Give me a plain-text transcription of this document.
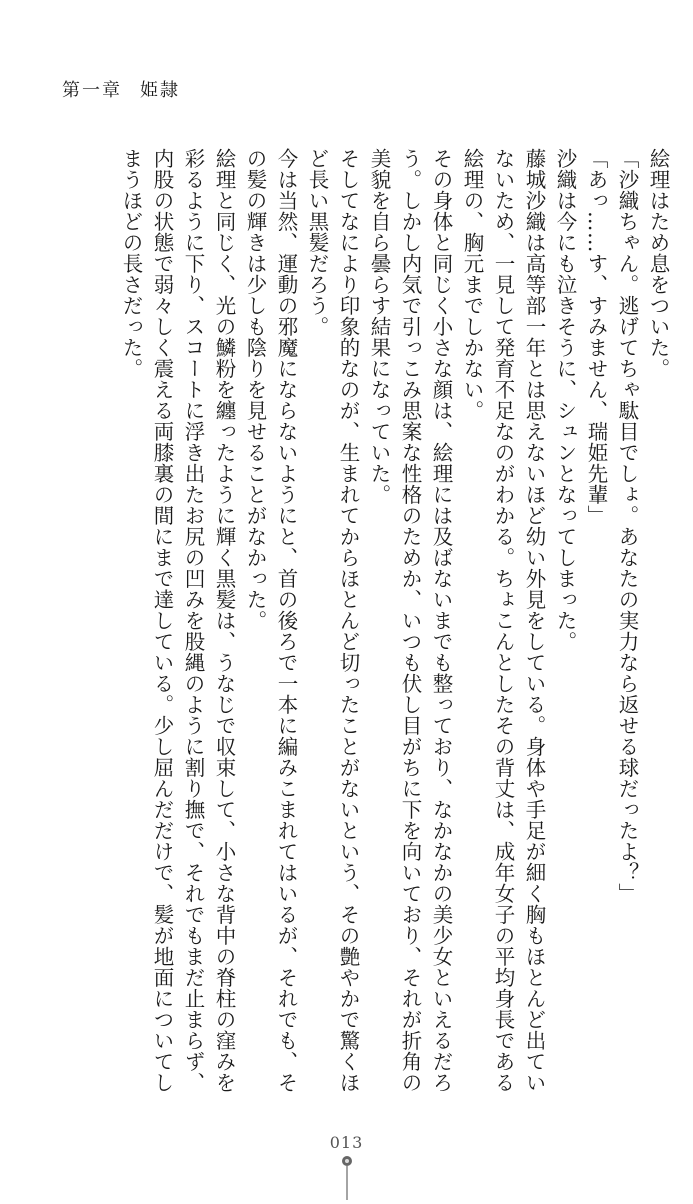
第一章 姫隷

絵理はため息をついた。

「沙織ちゃん。逃げてちゃ駄目でしょ。あなたの実力なら返せる球だったよ？」

「あっ……す、すみません、瑞姫先輩」

沙織は今にも泣きそうに、シュンとなってしまった。

藤城沙織は高等部一年とは思えないほど幼い外見をしている。身体や手足が細く胸もほとんど出ていないため、一見して発育不足なのがわかる。ちょこんとしたその背丈は、成年女子の平均身長である絵理の、胸元までしかない。

その身体と同じく小さな顔は、絵理には及ばないまでも整っており、なかなかの美少女といえるだろう。しかし内気で引っこみ思案な性格のためか、いつも伏し目がちに下を向いており、それが折角の美貌を自ら曇らす結果になっていた。

そしてなにより印象的なのが、生まれてからほとんど切ったことがないという、その艶やかで驚くほど長い黒髪だろう。

今は当然、運動の邪魔にならないようにと、首の後ろで一本に編みこまれてはいるが、それでも、その髪の輝きは少しも陰りを見せることがなかった。

絵理と同じく、光の鱗粉を纏ったように輝く黒髪は、うなじで収束して、小さな背中の脊柱の窪みを彩るように下り、スコートに浮き出たお尻の凹みを股縄のように割り撫で、それでもまだ止まらず、内股の状態で弱々しく震える両膝裏の間にまで達している。少し屈んだだけで、髪が地面についてしまうほどの長さだった。

013
